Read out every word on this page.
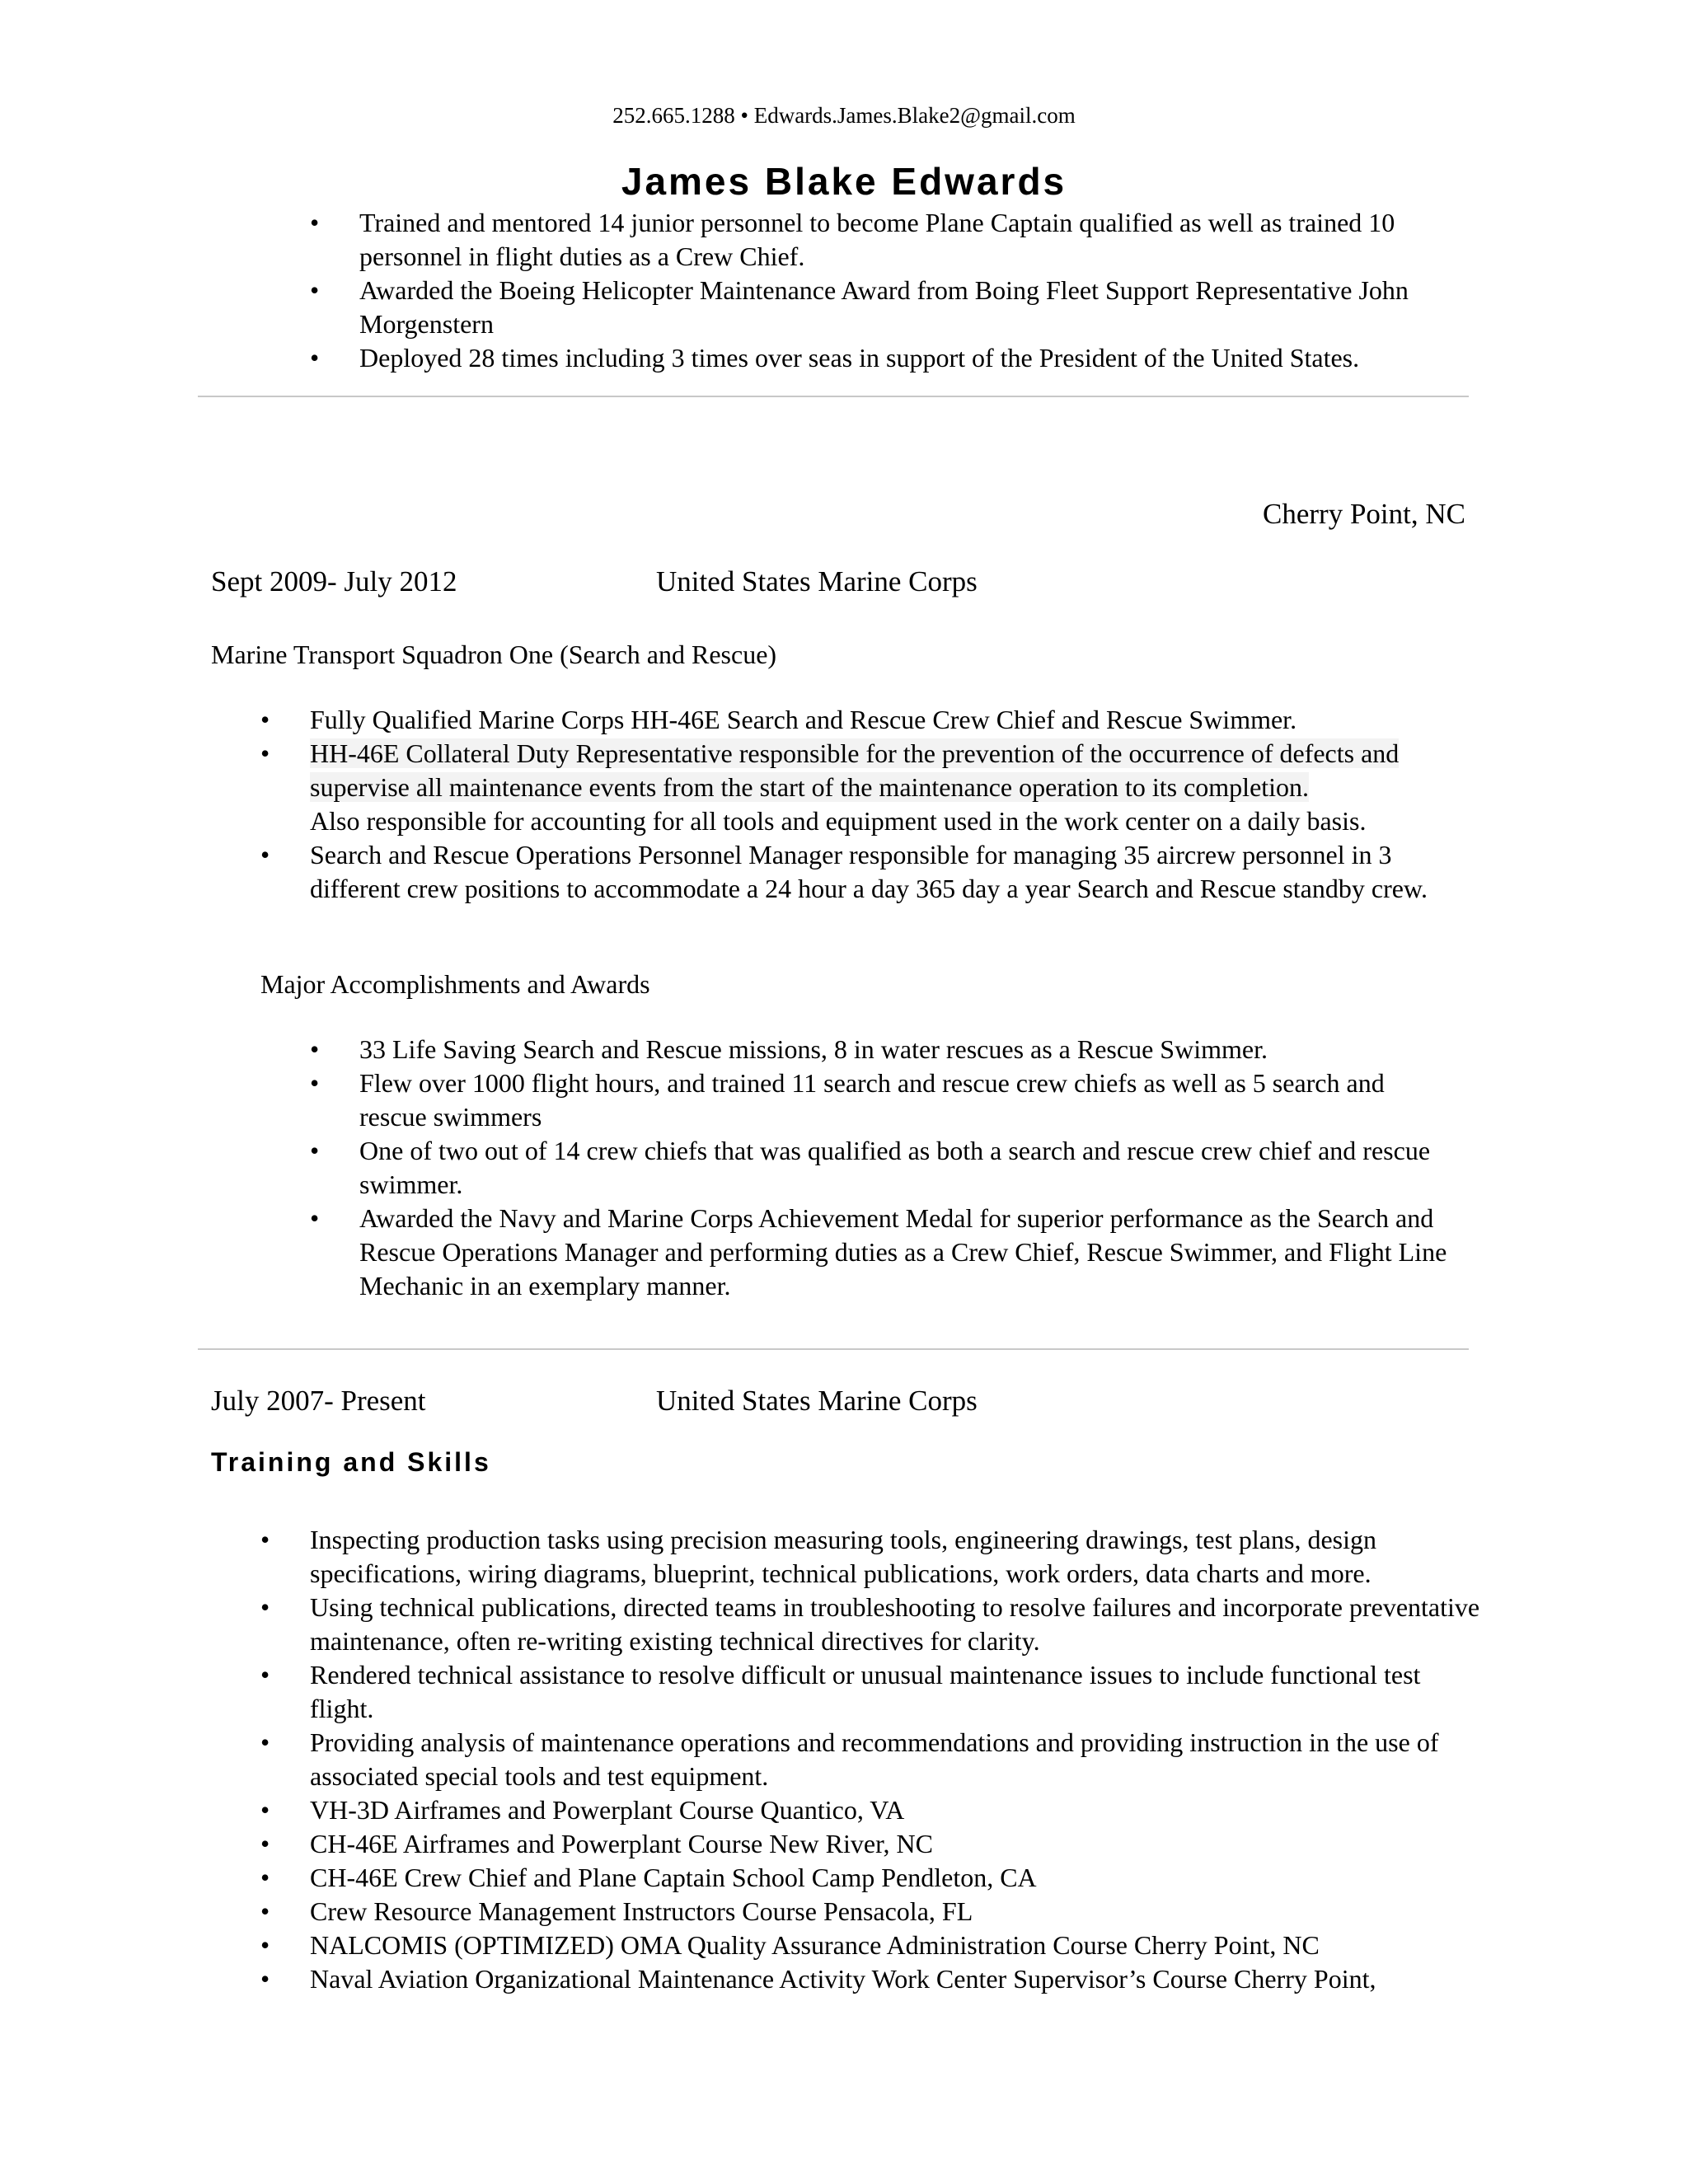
252.665.1288 • Edwards.James.Blake2@gmail.com
James Blake Edwards
• Trained and mentored 14 junior personnel to become Plane Captain qualified as well as trained 10 personnel in flight duties as a Crew Chief.
• Awarded the Boeing Helicopter Maintenance Award from Boing Fleet Support Representative John Morgenstern
• Deployed 28 times including 3 times over seas in support of the President of the United States.
Cherry Point, NC
Sept 2009- July 2012	United States Marine Corps
Marine Transport Squadron One (Search and Rescue)
• Fully Qualified Marine Corps HH-46E Search and Rescue Crew Chief and Rescue Swimmer.
• HH-46E Collateral Duty Representative responsible for the prevention of the occurrence of defects and
supervise all maintenance events from the start of the maintenance operation to its completion.
Also responsible for accounting for all tools and equipment used in the work center on a daily basis.
• Search and Rescue Operations Personnel Manager responsible for managing 35 aircrew personnel in 3 different crew positions to accommodate a 24 hour a day 365 day a year Search and Rescue standby crew.
Major Accomplishments and Awards
• 33 Life Saving Search and Rescue missions, 8 in water rescues as a Rescue Swimmer.
• Flew over 1000 flight hours, and trained 11 search and rescue crew chiefs as well as 5 search and rescue swimmers
• One of two out of 14 crew chiefs that was qualified as both a search and rescue crew chief and rescue swimmer.
• Awarded the Navy and Marine Corps Achievement Medal for superior performance as the Search and Rescue Operations Manager and performing duties as a Crew Chief, Rescue Swimmer, and Flight Line Mechanic in an exemplary manner.
July 2007- Present	United States Marine Corps
Training and Skills
• Inspecting production tasks using precision measuring tools, engineering drawings, test plans, design specifications, wiring diagrams, blueprint, technical publications, work orders, data charts and more.
• Using technical publications, directed teams in troubleshooting to resolve failures and incorporate preventative maintenance, often re-writing existing technical directives for clarity.
• Rendered technical assistance to resolve difficult or unusual maintenance issues to include functional test flight.
• Providing analysis of maintenance operations and recommendations and providing instruction in the use of associated special tools and test equipment.
• VH-3D Airframes and Powerplant Course Quantico, VA
• CH-46E Airframes and Powerplant Course New River, NC
• CH-46E Crew Chief and Plane Captain School Camp Pendleton, CA
• Crew Resource Management Instructors Course Pensacola, FL
• NALCOMIS (OPTIMIZED) OMA Quality Assurance Administration Course Cherry Point, NC
• Naval Aviation Organizational Maintenance Activity Work Center Supervisor’s Course Cherry Point,
